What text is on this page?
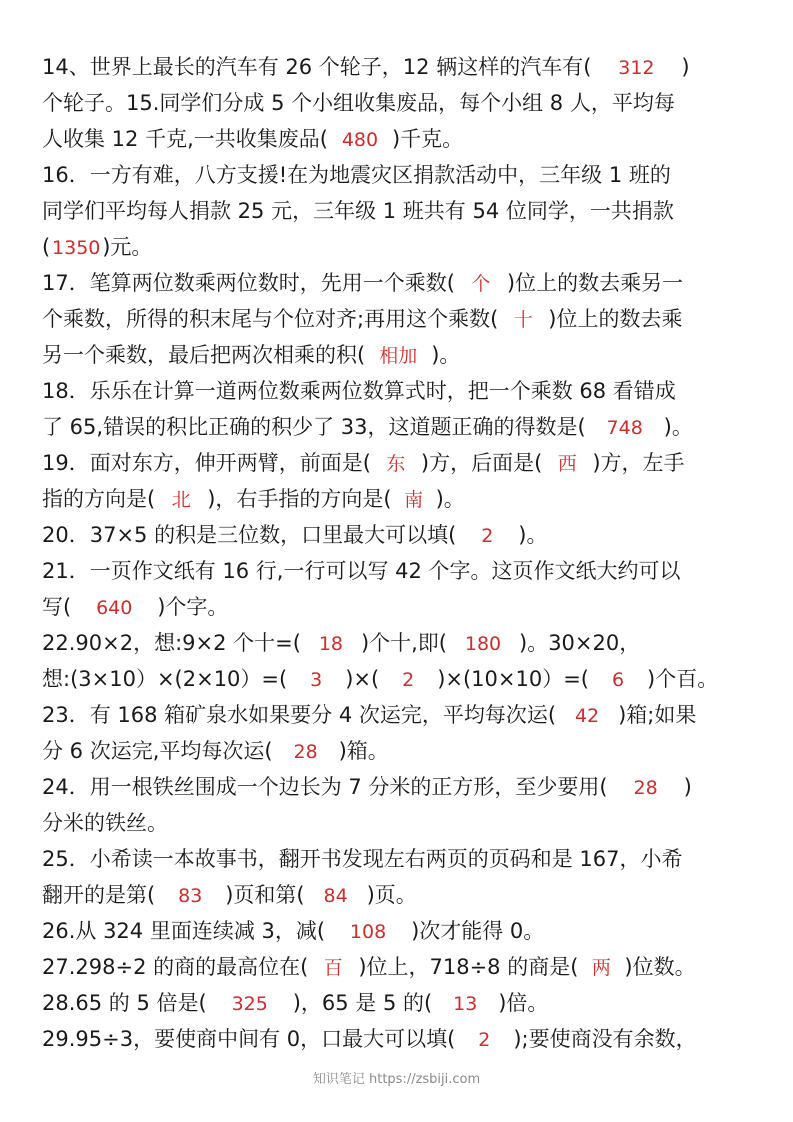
14、世界上最长的汽车有 26 个轮子，12 辆这样的汽车有( 312 )
个轮子。15.同学们分成 5 个小组收集废品，每个小组 8 人，平均每
人收集 12 千克,一共收集废品( 480 )千克。
16．一方有难，八方支援!在为地震灾区捐款活动中，三年级 1 班的
同学们平均每人捐款 25 元，三年级 1 班共有 54 位同学，一共捐款
(1350)元。
17．笔算两位数乘两位数时，先用一个乘数( 个 )位上的数去乘另一
个乘数，所得的积末尾与个位对齐;再用这个乘数( 十 )位上的数去乘
另一个乘数，最后把两次相乘的积( 相加 )。
18．乐乐在计算一道两位数乘两位数算式时，把一个乘数 68 看错成
了 65,错误的积比正确的积少了 33，这道题正确的得数是( 748 )。
19．面对东方，伸开两臂，前面是( 东 )方，后面是( 西 )方，左手
指的方向是( 北 )，右手指的方向是( 南 )。
20．37×5 的积是三位数，口里最大可以填( 2 )。
21．一页作文纸有 16 行,一行可以写 42 个字。这页作文纸大约可以
写( 640 )个字。
22.90×2，想:9×2 个十=( 18 )个十,即( 180 )。30×20，
想:(3×10）×(2×10）=( 3 )×( 2 )×(10×10）=( 6 )个百。
23．有 168 箱矿泉水如果要分 4 次运完，平均每次运( 42 )箱;如果
分 6 次运完,平均每次运( 28 )箱。
24．用一根铁丝围成一个边长为 7 分米的正方形，至少要用( 28 )
分米的铁丝。
25．小希读一本故事书，翻开书发现左右两页的页码和是 167，小希
翻开的是第( 83 )页和第( 84 )页。
26.从 324 里面连续减 3，减( 108 )次才能得 0。
27.298÷2 的商的最高位在( 百 )位上，718÷8 的商是( 两 )位数。
28.65 的 5 倍是( 325 )，65 是 5 的( 13 )倍。
29.95÷3，要使商中间有 0，口最大可以填( 2 );要使商没有余数，
知识笔记 https://zsbiji.com
